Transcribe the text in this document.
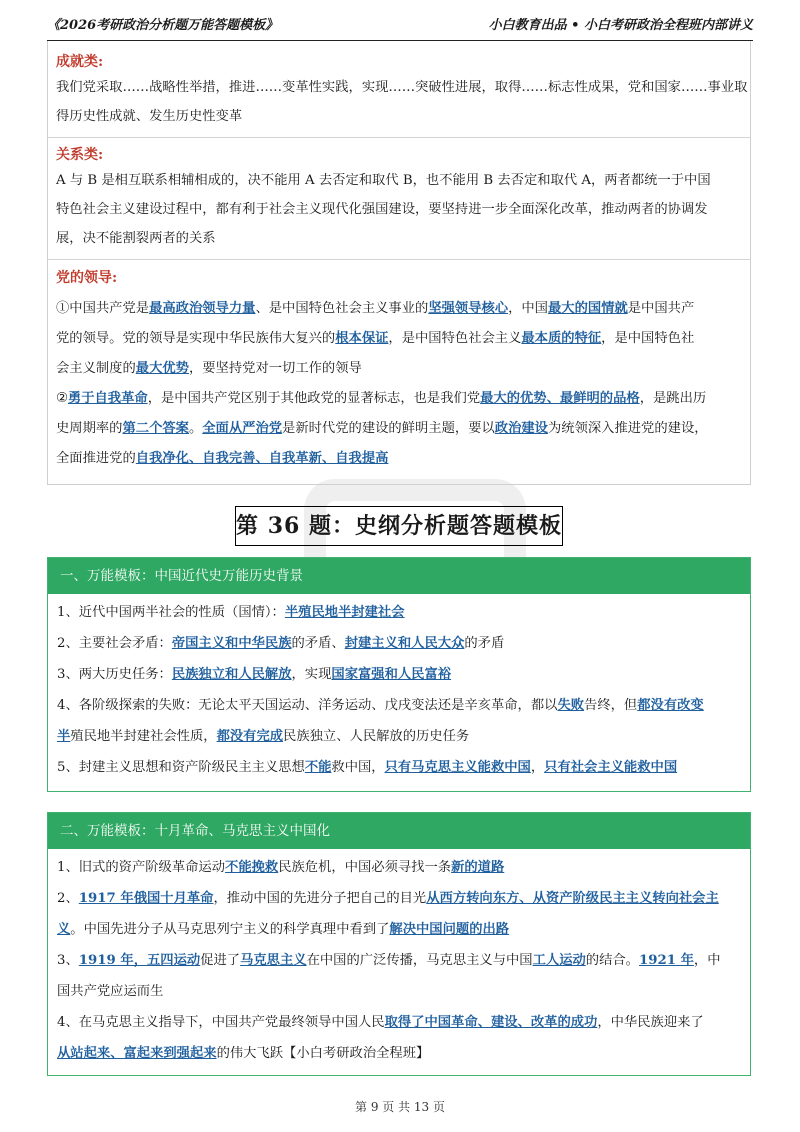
《2026考研政治分析题万能答题模板》	小白教育出品 • 小白考研政治全程班内部讲义
成就类:
我们党采取……战略性举措，推进……变革性实践，实现……突破性进展，取得……标志性成果，党和国家……事业取
得历史性成就、发生历史性变革
关系类:
A 与 B 是相互联系相辅相成的，决不能用 A 去否定和取代 B，也不能用 B 去否定和取代 A，两者都统一于中国
特色社会主义建设过程中，都有利于社会主义现代化强国建设，要坚持进一步全面深化改革，推动两者的协调发
展，决不能割裂两者的关系
党的领导:
①中国共产党是最高政治领导力量、是中国特色社会主义事业的坚强领导核心，中国最大的国情就是中国共产
党的领导。党的领导是实现中华民族伟大复兴的根本保证，是中国特色社会主义最本质的特征，是中国特色社
会主义制度的最大优势，要坚持党对一切工作的领导
②勇于自我革命，是中国共产党区别于其他政党的显著标志，也是我们党最大的优势、最鲜明的品格，是跳出历
史周期率的第二个答案。全面从严治党是新时代党的建设的鲜明主题，要以政治建设为统领深入推进党的建设，
全面推进党的自我净化、自我完善、自我革新、自我提高
第 36 题：史纲分析题答题模板
一、万能模板：中国近代史万能历史背景
1、近代中国两半社会的性质（国情）：半殖民地半封建社会
2、主要社会矛盾：帝国主义和中华民族的矛盾、封建主义和人民大众的矛盾
3、两大历史任务：民族独立和人民解放，实现国家富强和人民富裕
4、各阶级探索的失败：无论太平天国运动、洋务运动、戊戌变法还是辛亥革命，都以失败告终，但都没有改变
半殖民地半封建社会性质，都没有完成民族独立、人民解放的历史任务
5、封建主义思想和资产阶级民主主义思想不能救中国，只有马克思主义能救中国，只有社会主义能救中国
二、万能模板：十月革命、马克思主义中国化
1、旧式的资产阶级革命运动不能挽救民族危机，中国必须寻找一条新的道路
2、1917 年俄国十月革命，推动中国的先进分子把自己的目光从西方转向东方、从资产阶级民主主义转向社会主
义。中国先进分子从马克思列宁主义的科学真理中看到了解决中国问题的出路
3、1919 年，五四运动促进了马克思主义在中国的广泛传播，马克思主义与中国工人运动的结合。1921 年，中
国共产党应运而生
4、在马克思主义指导下，中国共产党最终领导中国人民取得了中国革命、建设、改革的成功，中华民族迎来了
从站起来、富起来到强起来的伟大飞跃【小白考研政治全程班】
第 9 页 共 13 页
